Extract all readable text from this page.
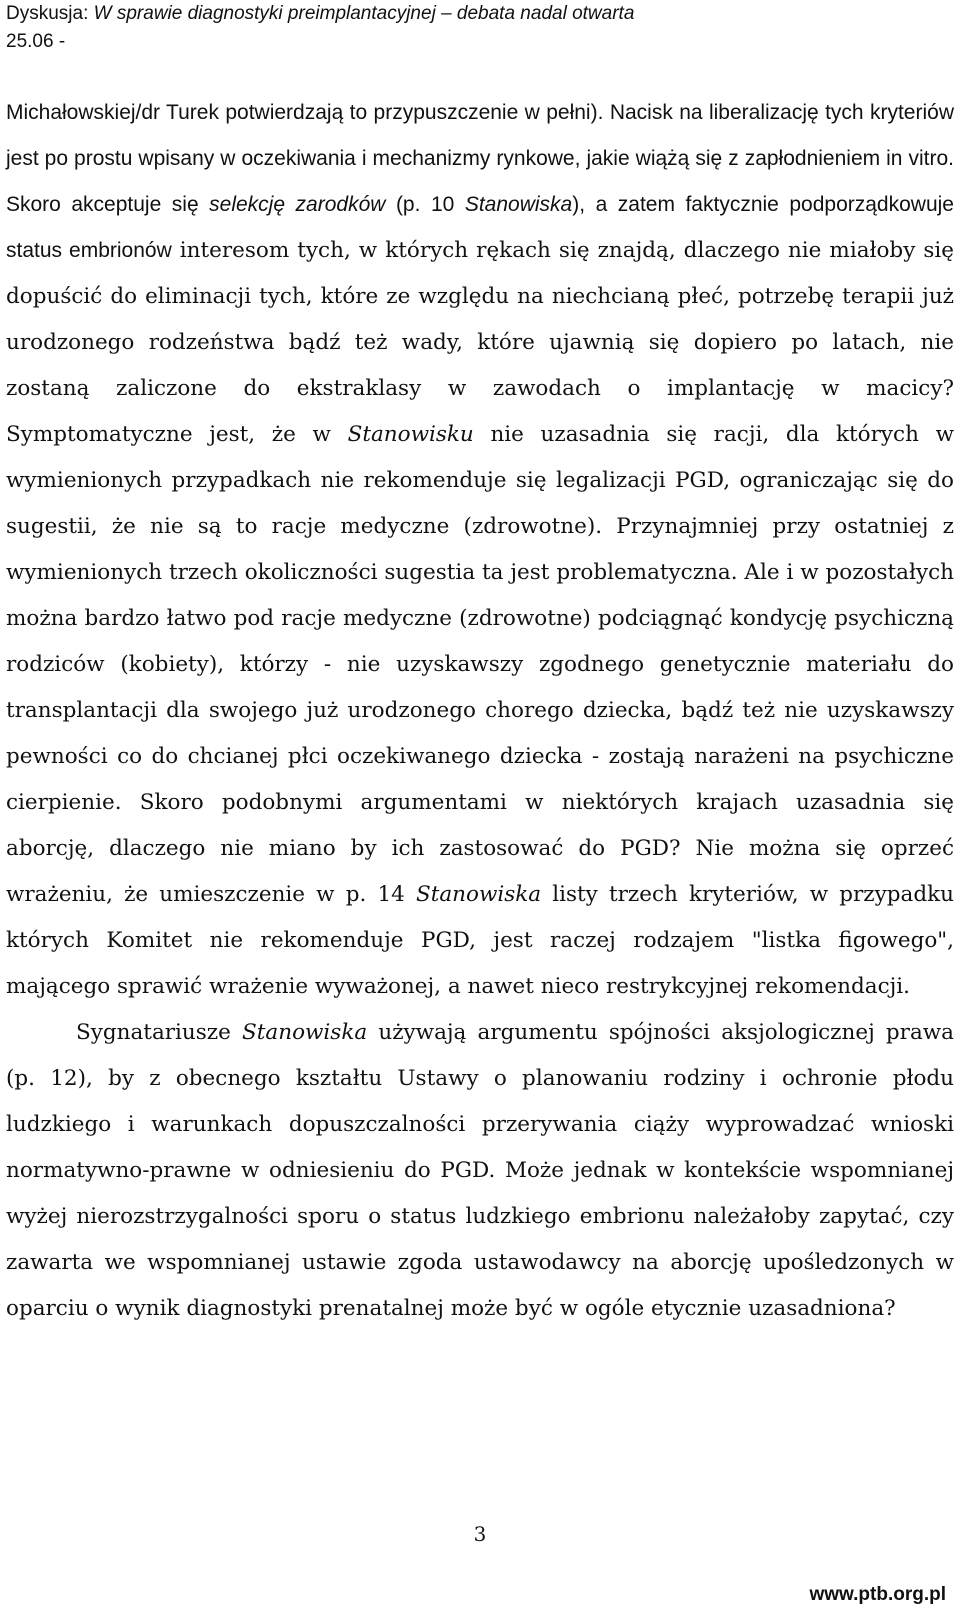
Dyskusja: W sprawie diagnostyki preimplantacyjnej – debata nadal otwarta
25.06 -

Michałowskiej/dr Turek potwierdzają to przypuszczenie w pełni). Nacisk na liberalizację tych kryteriów jest po prostu wpisany w oczekiwania i mechanizmy rynkowe, jakie wiążą się z zapłodnieniem in vitro. Skoro akceptuje się selekcję zarodków (p. 10 Stanowiska), a zatem faktycznie podporządkowuje status embrionów interesom tych, w których rękach się znajdą, dlaczego nie miałoby się dopuścić do eliminacji tych, które ze względu na niechcianą płeć, potrzebę terapii już urodzonego rodzeństwa bądź też wady, które ujawnią się dopiero po latach, nie zostaną zaliczone do ekstraklasy w zawodach o implantację w macicy? Symptomatyczne jest, że w Stanowisku nie uzasadnia się racji, dla których w wymienionych przypadkach nie rekomenduje się legalizacji PGD, ograniczając się do sugestii, że nie są to racje medyczne (zdrowotne). Przynajmniej przy ostatniej z wymienionych trzech okoliczności sugestia ta jest problematyczna. Ale i w pozostałych można bardzo łatwo pod racje medyczne (zdrowotne) podciągnąć kondycję psychiczną rodziców (kobiety), którzy - nie uzyskawszy zgodnego genetycznie materiału do transplantacji dla swojego już urodzonego chorego dziecka, bądź też nie uzyskawszy pewności co do chcianej płci oczekiwanego dziecka - zostają narażeni na psychiczne cierpienie. Skoro podobnymi argumentami w niektórych krajach uzasadnia się aborcję, dlaczego nie miano by ich zastosować do PGD? Nie można się oprzeć wrażeniu, że umieszczenie w p. 14 Stanowiska listy trzech kryteriów, w przypadku których Komitet nie rekomenduje PGD, jest raczej rodzajem "listka figowego", mającego sprawić wrażenie wyważonej, a nawet nieco restrykcyjnej rekomendacji.

Sygnatariusze Stanowiska używają argumentu spójności aksjologicznej prawa (p. 12), by z obecnego kształtu Ustawy o planowaniu rodziny i ochronie płodu ludzkiego i warunkach dopuszczalności przerywania ciąży wyprowadzać wnioski normatywno-prawne w odniesieniu do PGD. Może jednak w kontekście wspomnianej wyżej nierozstrzygalności sporu o status ludzkiego embrionu należałoby zapytać, czy zawarta we wspomnianej ustawie zgoda ustawodawcy na aborcję upośledzonych w oparciu o wynik diagnostyki prenatalnej może być w ogóle etycznie uzasadniona?

3
www.ptb.org.pl
